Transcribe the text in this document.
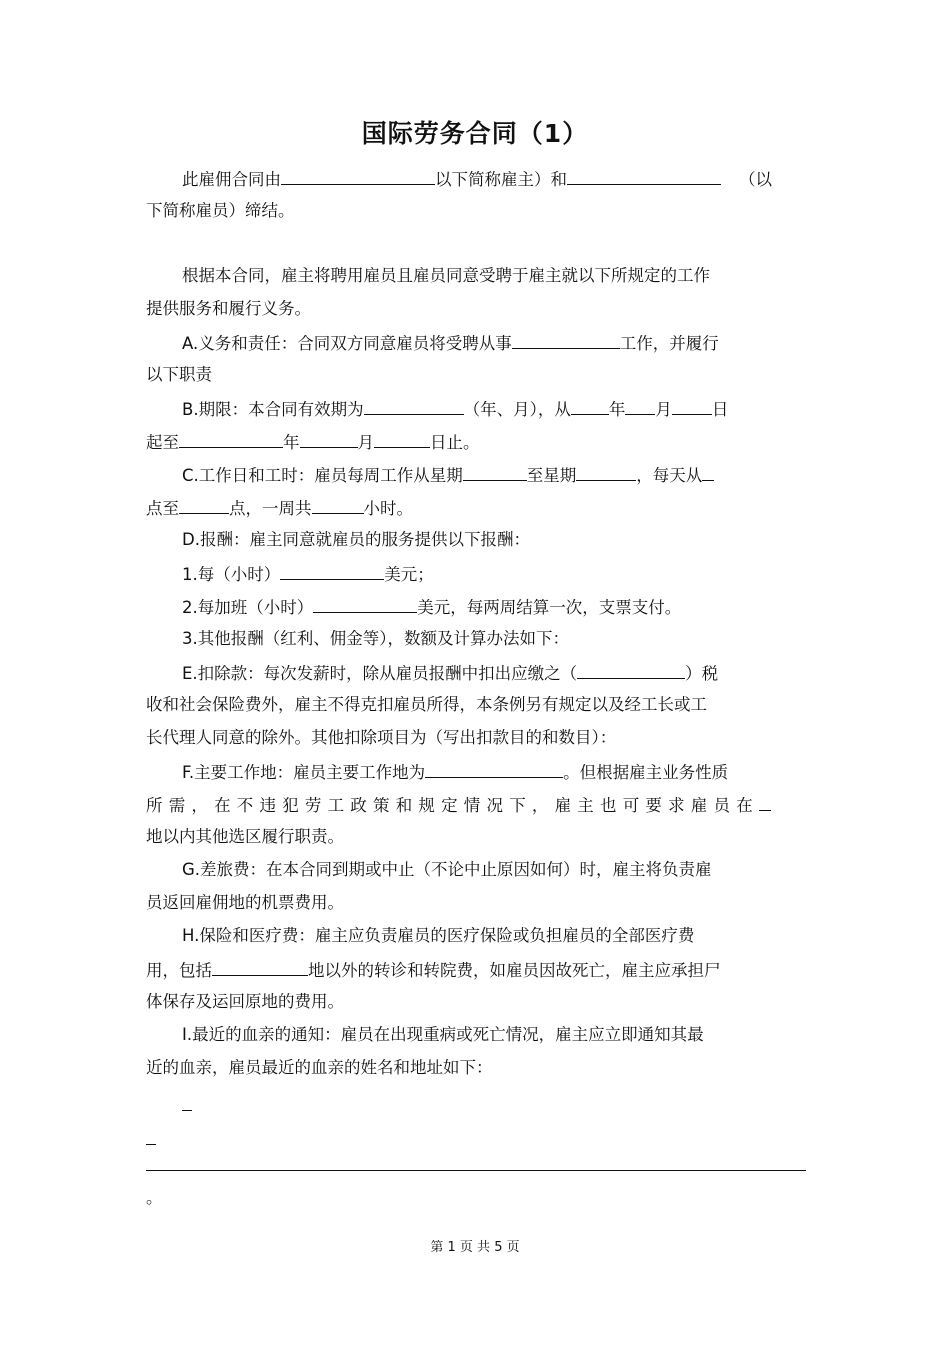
国际劳务合同（1）
此雇佣合同由	以下简称雇主）和	（以
下简称雇员）缔结。
根据本合同，雇主将聘用雇员且雇员同意受聘于雇主就以下所规定的工作
提供服务和履行义务。
A.义务和责任：合同双方同意雇员将受聘从事	工作，并履行
以下职责
B.期限：本合同有效期为	（年、月），从 年 月 日
起至	年	月	日止。
C.工作日和工时：雇员每周工作从星期	至星期	，每天从
点至	点，一周共	小时。
D.报酬：雇主同意就雇员的服务提供以下报酬：
1.每（小时）	美元；
2.每加班（小时）	美元，每两周结算一次，支票支付。
3.其他报酬（红利、佣金等），数额及计算办法如下：
E.扣除款：每次发薪时，除从雇员报酬中扣出应缴之（	）税
收和社会保险费外，雇主不得克扣雇员所得，本条例另有规定以及经工长或工
长代理人同意的除外。其他扣除项目为（写出扣款目的和数目）：
F.主要工作地：雇员主要工作地为	。但根据雇主业务性质
所需，在不违犯劳工政策和规定情况下，雇主也可要求雇员在
地以内其他选区履行职责。
G.差旅费：在本合同到期或中止（不论中止原因如何）时，雇主将负责雇
员返回雇佣地的机票费用。
H.保险和医疗费：雇主应负责雇员的医疗保险或负担雇员的全部医疗费
用，包括	地以外的转诊和转院费，如雇员因故死亡，雇主应承担尸
体保存及运回原地的费用。
I.最近的血亲的通知：雇员在出现重病或死亡情况，雇主应立即通知其最
近的血亲，雇员最近的血亲的姓名和地址如下：
。
第 1 页 共 5 页
